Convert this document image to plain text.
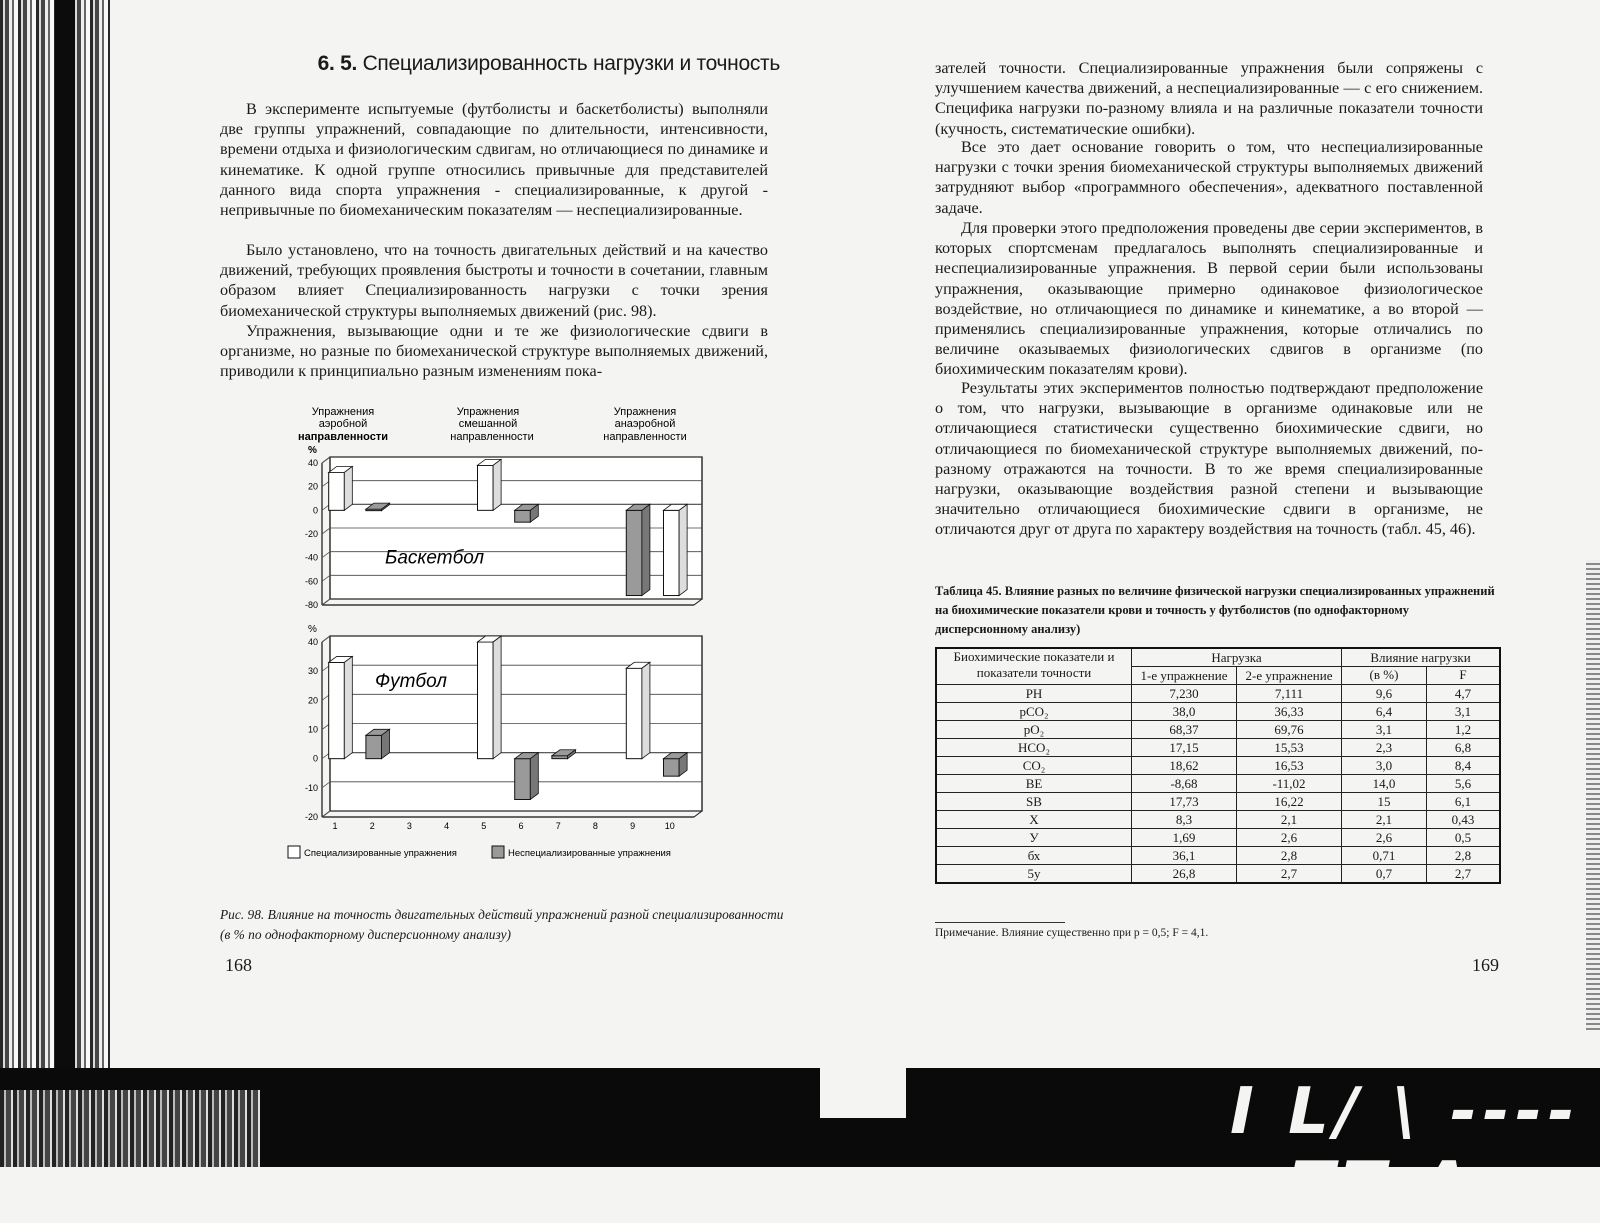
I L/ \ ----- TT A
6. 5. Специализированность нагрузки и точность

В эксперименте испытуемые (футболисты и баскетболисты) выполняли две группы упражнений, совпадающие по длительности, интенсивности, времени отдыха и физиологическим сдвигам, но отличающиеся по динамике и кинематике. К одной группе относились привычные для представителей данного вида спорта упражнения - специализированные, к другой - непривычные по биомеханическим показателям — неспециализированные.

Было установлено, что на точность двигательных действий и на качество движений, требующих проявления быстроты и точности в сочетании, главным образом влияет Специализированность нагрузки с точки зрения биомеханической структуры выполняемых движений (рис. 98).

Упражнения, вызывающие одни и те же физиологические сдвиги в организме, но разные по биомеханической структуре выполняемых движений, приводили к принципиально разным изменениям пока-

Упражнения
аэробной
направленности
Упражнения
смешанной
направленности
Упражнения
анаэробной
направленности
40
20
0
-20
-40
-60
-80
%
Баскетбол
40
30
20
10
0
-10
-20
%
Футбол
1	2	3	4	5	6	7	8	9	10
Специализированные упражнения	Неспециализированные упражнения
Рис. 98. Влияние на точность двигательных действий упражнений разной специализированности (в % по однофакторному дисперсионному анализу)
168

зателей точности. Специализированные упражнения были сопряжены с улучшением качества движений, а неспециализированные — с его снижением. Специфика нагрузки по-разному влияла и на различные показатели точности (кучность, систематические ошибки).

Все это дает основание говорить о том, что неспециализированные нагрузки с точки зрения биомеханической структуры выполняемых движений затрудняют выбор «программного обеспечения», адекватного поставленной задаче.

Для проверки этого предположения проведены две серии экспериментов, в которых спортсменам предлагалось выполнять специализированные и неспециализированные упражнения. В первой серии были использованы упражнения, оказывающие примерно одинаковое физиологическое воздействие, но отличающиеся по динамике и кинематике, а во второй — применялись специализированные упражнения, которые отличались по величине оказываемых физиологических сдвигов в организме (по биохимическим показателям крови).

Результаты этих экспериментов полностью подтверждают предположение о том, что нагрузки, вызывающие в организме одинаковые или не отличающиеся статистически существенно биохимические сдвиги, но отличающиеся по биомеханической структуре выполняемых движений, по-разному отражаются на точности. В то же время специализированные нагрузки, оказывающие воздействия разной степени и вызывающие значительно отличающиеся биохимические сдвиги в организме, не отличаются друг от друга по характеру воздействия на точность (табл. 45, 46).

Таблица 45. Влияние разных по величине физической нагрузки специализированных упражнений на биохимические показатели крови и точность у футболистов (по однофакторному дисперсионному анализу)
Биохимические показатели и показатели точности	Нагрузка		Влияние нагрузки	
	1-е упражнение	2-е упражнение	(в %)	F
PH	7,230	7,111	9,6	4,7
pCO₂	38,0	36,33	6,4	3,1
pO₂	68,37	69,76	3,1	1,2
HCO₂	17,15	15,53	2,3	6,8
CO₂	18,62	16,53	3,0	8,4
BE	-8,68	-11,02	14,0	5,6
SB	17,73	16,22	15	6,1
X	8,3	2,1	2,1	0,43
У	1,69	2,6	2,6	0,5
бх	36,1	2,8	0,71	2,8
5у	26,8	2,7	0,7	2,7
Примечание. Влияние существенно при р = 0,5; F = 4,1.
169
